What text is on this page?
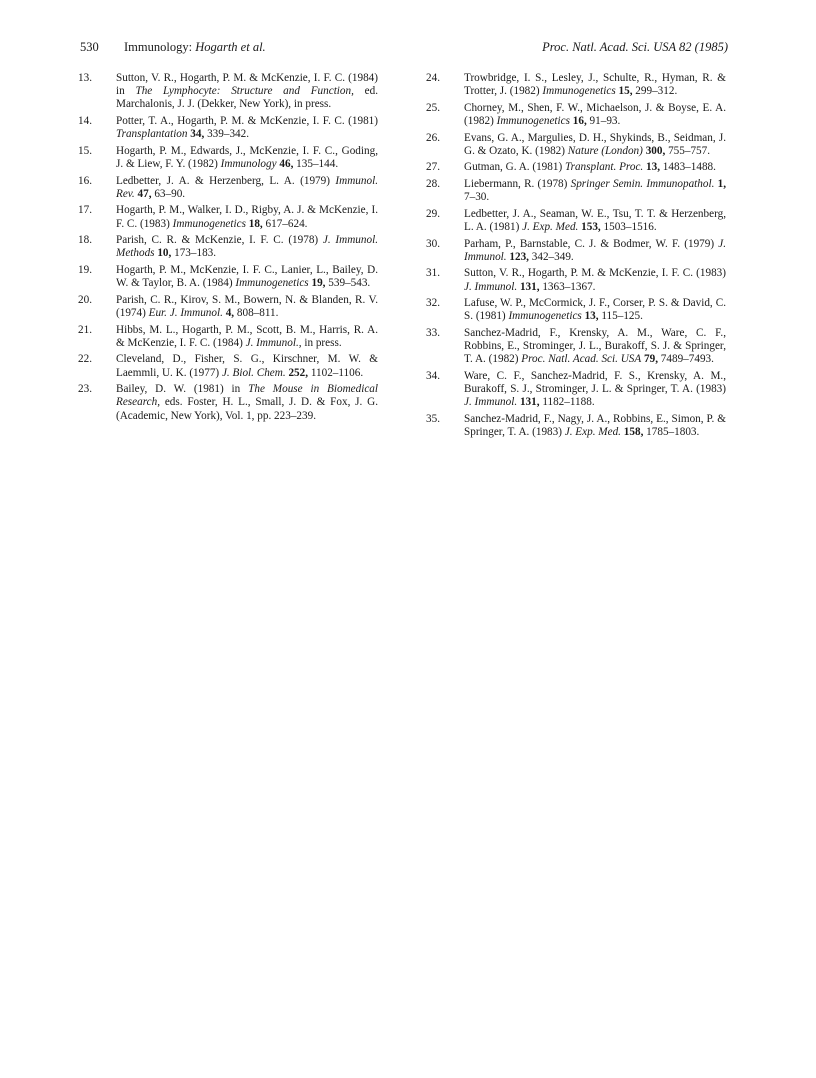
530 Immunology: Hogarth et al.	Proc. Natl. Acad. Sci. USA 82 (1985)
13. Sutton, V. R., Hogarth, P. M. & McKenzie, I. F. C. (1984) in The Lymphocyte: Structure and Function, ed. Marchalonis, J. J. (Dekker, New York), in press.
14. Potter, T. A., Hogarth, P. M. & McKenzie, I. F. C. (1981) Transplantation 34, 339–342.
15. Hogarth, P. M., Edwards, J., McKenzie, I. F. C., Goding, J. & Liew, F. Y. (1982) Immunology 46, 135–144.
16. Ledbetter, J. A. & Herzenberg, L. A. (1979) Immunol. Rev. 47, 63–90.
17. Hogarth, P. M., Walker, I. D., Rigby, A. J. & McKenzie, I. F. C. (1983) Immunogenetics 18, 617–624.
18. Parish, C. R. & McKenzie, I. F. C. (1978) J. Immunol. Methods 10, 173–183.
19. Hogarth, P. M., McKenzie, I. F. C., Lanier, L., Bailey, D. W. & Taylor, B. A. (1984) Immunogenetics 19, 539–543.
20. Parish, C. R., Kirov, S. M., Bowern, N. & Blanden, R. V. (1974) Eur. J. Immunol. 4, 808–811.
21. Hibbs, M. L., Hogarth, P. M., Scott, B. M., Harris, R. A. & McKenzie, I. F. C. (1984) J. Immunol., in press.
22. Cleveland, D., Fisher, S. G., Kirschner, M. W. & Laemmli, U. K. (1977) J. Biol. Chem. 252, 1102–1106.
23. Bailey, D. W. (1981) in The Mouse in Biomedical Research, eds. Foster, H. L., Small, J. D. & Fox, J. G. (Academic, New York), Vol. 1, pp. 223–239.
24. Trowbridge, I. S., Lesley, J., Schulte, R., Hyman, R. & Trotter, J. (1982) Immunogenetics 15, 299–312.
25. Chorney, M., Shen, F. W., Michaelson, J. & Boyse, E. A. (1982) Immunogenetics 16, 91–93.
26. Evans, G. A., Margulies, D. H., Shykinds, B., Seidman, J. G. & Ozato, K. (1982) Nature (London) 300, 755–757.
27. Gutman, G. A. (1981) Transplant. Proc. 13, 1483–1488.
28. Liebermann, R. (1978) Springer Semin. Immunopathol. 1, 7–30.
29. Ledbetter, J. A., Seaman, W. E., Tsu, T. T. & Herzenberg, L. A. (1981) J. Exp. Med. 153, 1503–1516.
30. Parham, P., Barnstable, C. J. & Bodmer, W. F. (1979) J. Immunol. 123, 342–349.
31. Sutton, V. R., Hogarth, P. M. & McKenzie, I. F. C. (1983) J. Immunol. 131, 1363–1367.
32. Lafuse, W. P., McCormick, J. F., Corser, P. S. & David, C. S. (1981) Immunogenetics 13, 115–125.
33. Sanchez-Madrid, F., Krensky, A. M., Ware, C. F., Robbins, E., Strominger, J. L., Burakoff, S. J. & Springer, T. A. (1982) Proc. Natl. Acad. Sci. USA 79, 7489–7493.
34. Ware, C. F., Sanchez-Madrid, F. S., Krensky, A. M., Burakoff, S. J., Strominger, J. L. & Springer, T. A. (1983) J. Immunol. 131, 1182–1188.
35. Sanchez-Madrid, F., Nagy, J. A., Robbins, E., Simon, P. & Springer, T. A. (1983) J. Exp. Med. 158, 1785–1803.
